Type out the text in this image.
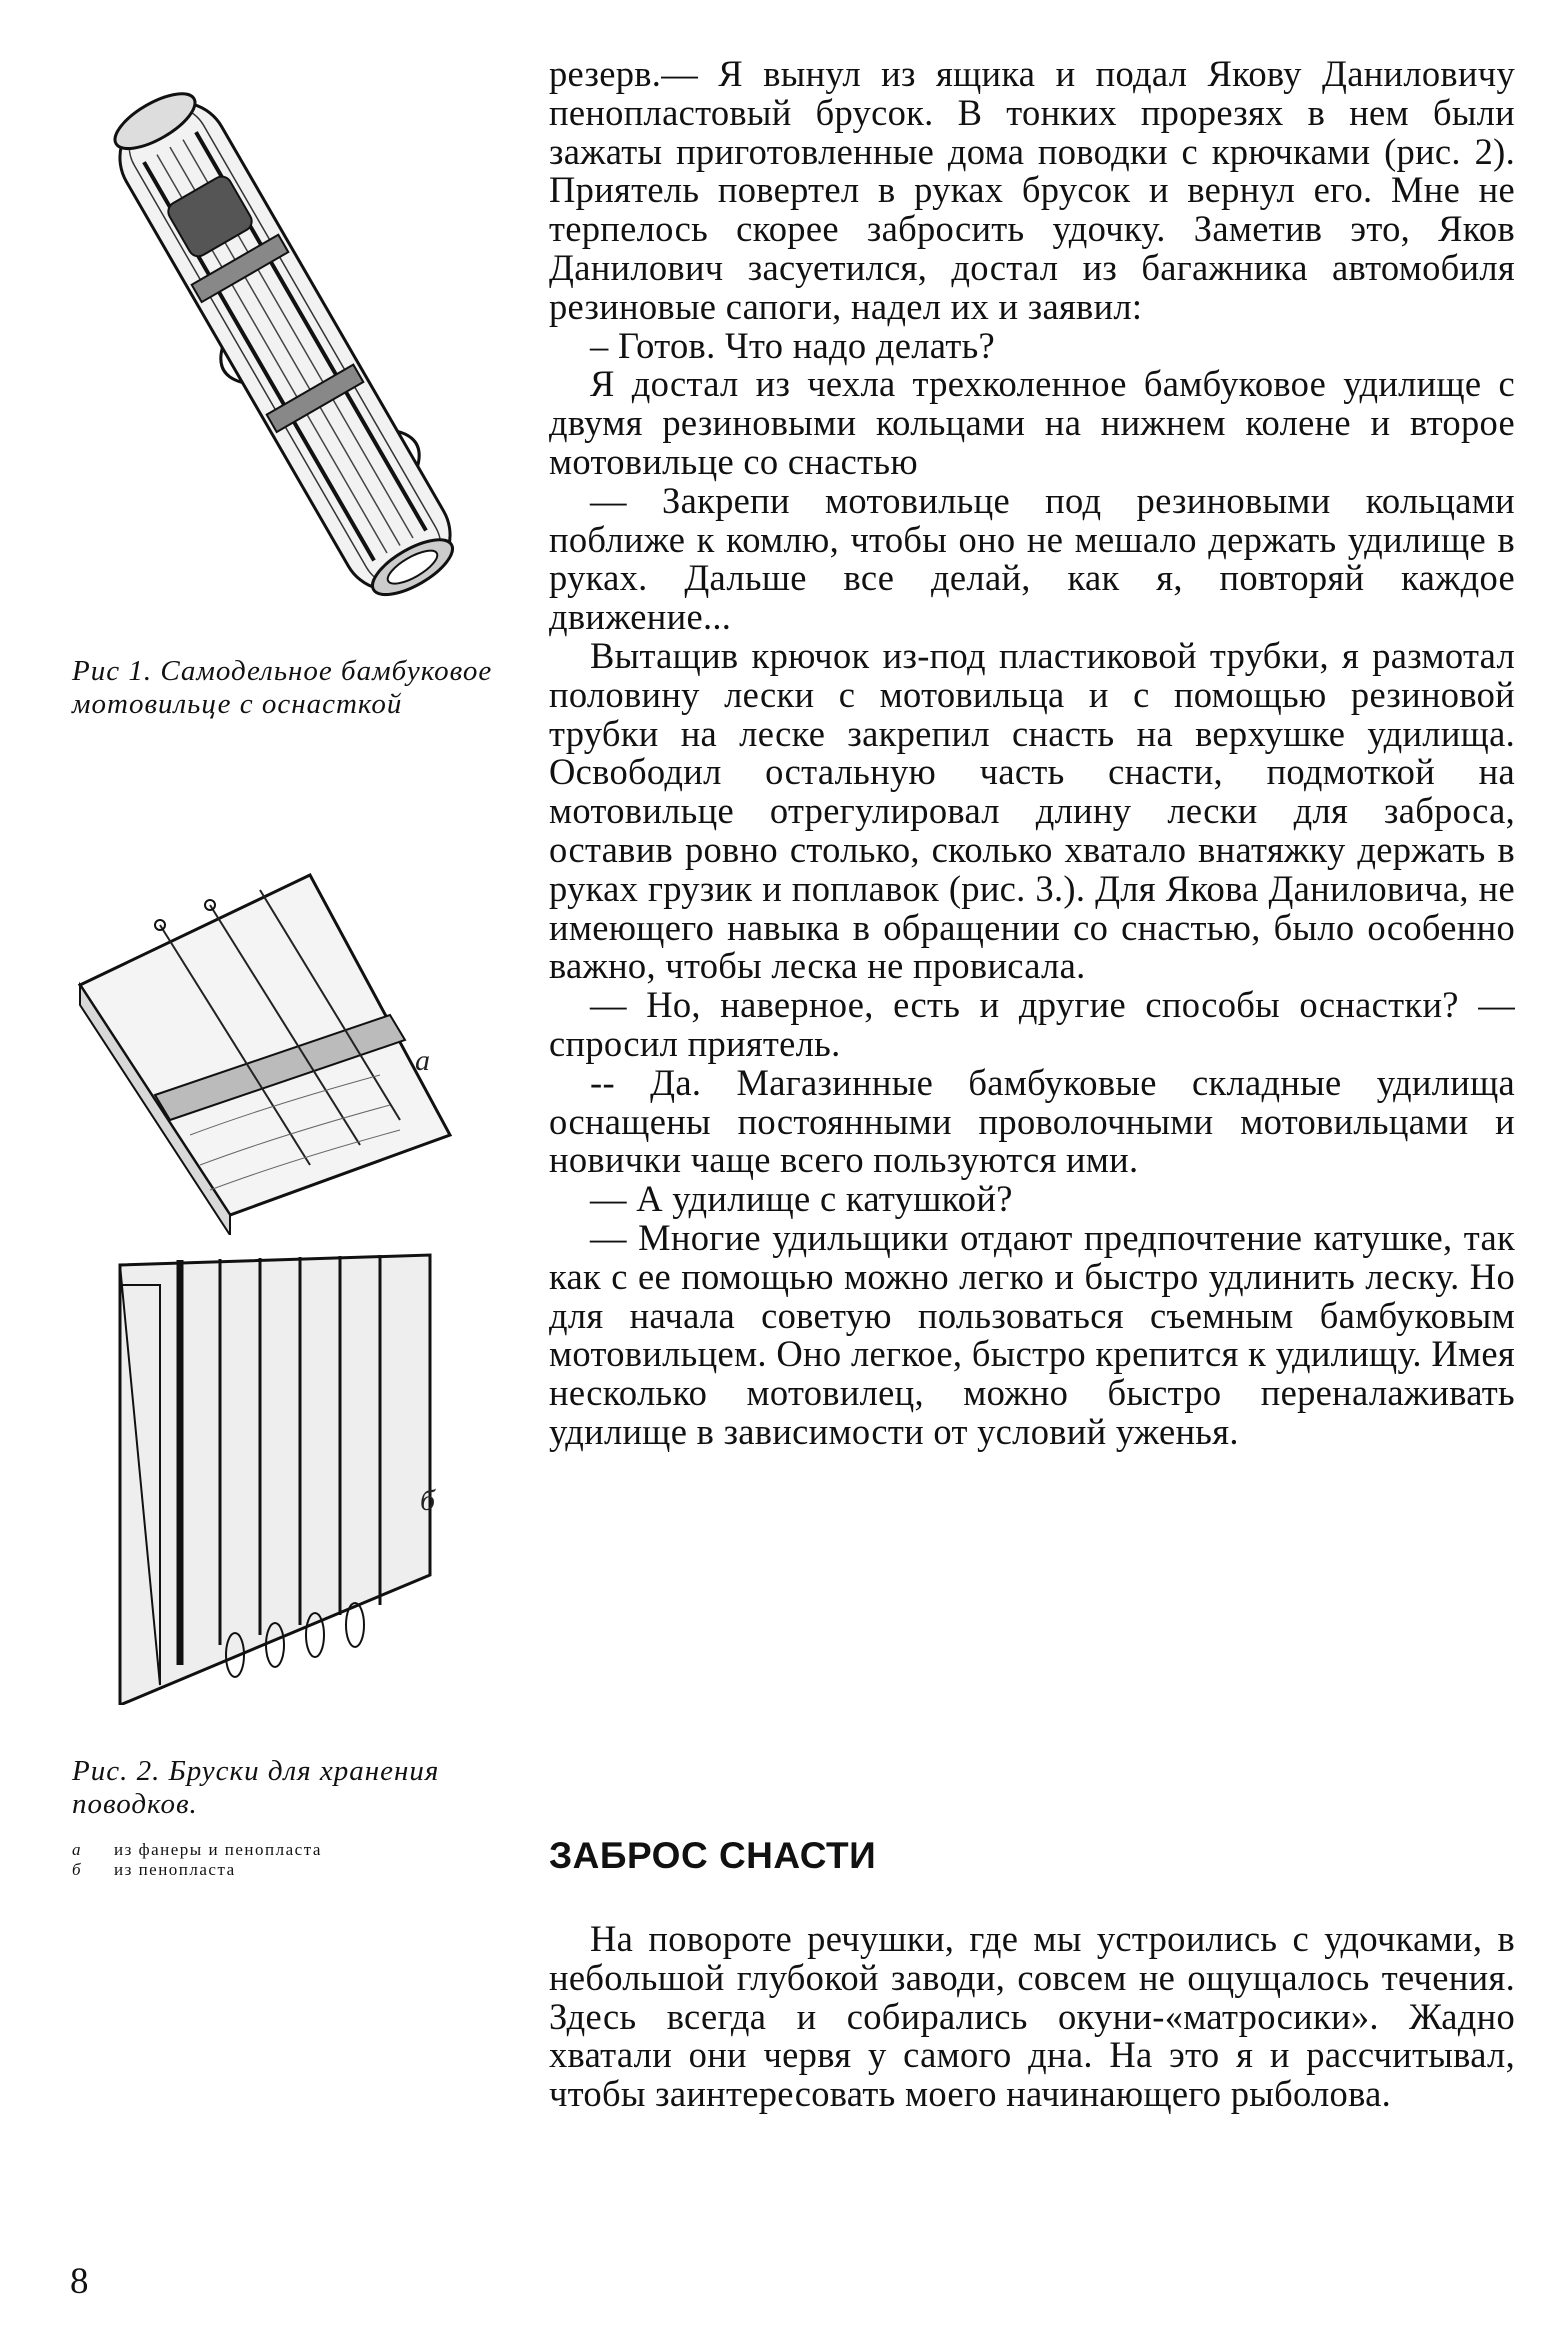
Рис 1. Самодельное бамбуковое мотовильце с оснасткой
а
б
Рис. 2. Бруски для хранения поводков.
а из фанеры и пенопласта
б из пенопласта

резерв.— Я вынул из ящика и подал Якову Даниловичу пенопластовый брусок. В тонких прорезях в нем были зажаты приготовленные дома поводки с крючками (рис. 2). Приятель повертел в руках брусок и вернул его. Мне не терпелось скорее забросить удочку. Заметив это, Яков Данилович засуетился, достал из багажника автомобиля резиновые сапоги, надел их и заявил:

– Готов. Что надо делать?

Я достал из чехла трехколенное бамбуковое удилище с двумя резиновыми кольцами на нижнем колене и второе мотовильце со снастью

— Закрепи мотовильце под резиновыми кольцами поближе к комлю, чтобы оно не мешало держать удилище в руках. Дальше все делай, как я, повторяй каждое движение...

Вытащив крючок из-под пластиковой трубки, я размотал половину лески с мотовильца и с помощью резиновой трубки на леске закрепил снасть на верхушке удилища. Освободил остальную часть снасти, подмоткой на мотовильце отрегулировал длину лески для заброса, оставив ровно столько, сколько хватало внатяжку держать в руках грузик и поплавок (рис. 3.). Для Якова Даниловича, не имеющего навыка в обращении со снастью, было особенно важно, чтобы леска не провисала.

— Но, наверное, есть и другие способы оснастки? — спросил приятель.

-- Да. Магазинные бамбуковые складные удилища оснащены постоянными проволочными мотовильцами и новички чаще всего пользуются ими.

— А удилище с катушкой?

— Многие удильщики отдают предпочтение катушке, так как с ее помощью можно легко и быстро удлинить леску. Но для начала советую пользоваться съемным бамбуковым мотовильцем. Оно легкое, быстро крепится к удилищу. Имея несколько мотовилец, можно быстро переналаживать удилище в зависимости от условий уженья.

ЗАБРОС СНАСТИ

На повороте речушки, где мы устроились с удочками, в небольшой глубокой заводи, совсем не ощущалось течения. Здесь всегда и собирались окуни-«матросики». Жадно хватали они червя у самого дна. На это я и рассчитывал, чтобы заинтересовать моего начинающего рыболова.

8
